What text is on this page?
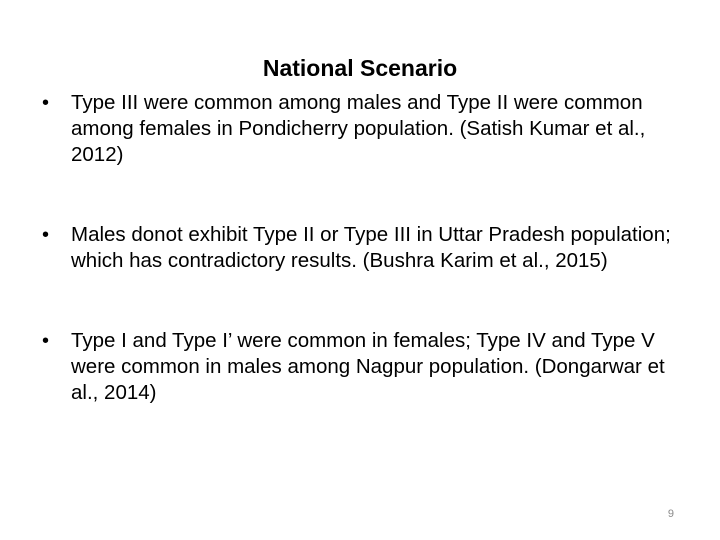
National Scenario
• Type III were common among males and Type II were common among females in Pondicherry population. (Satish Kumar et al., 2012)
• Males donot exhibit Type II or Type III in Uttar Pradesh population; which has contradictory results. (Bushra Karim et al., 2015)
• Type I and Type I’ were common in females; Type IV and Type V were common in males among Nagpur population. (Dongarwar et al., 2014)
9
